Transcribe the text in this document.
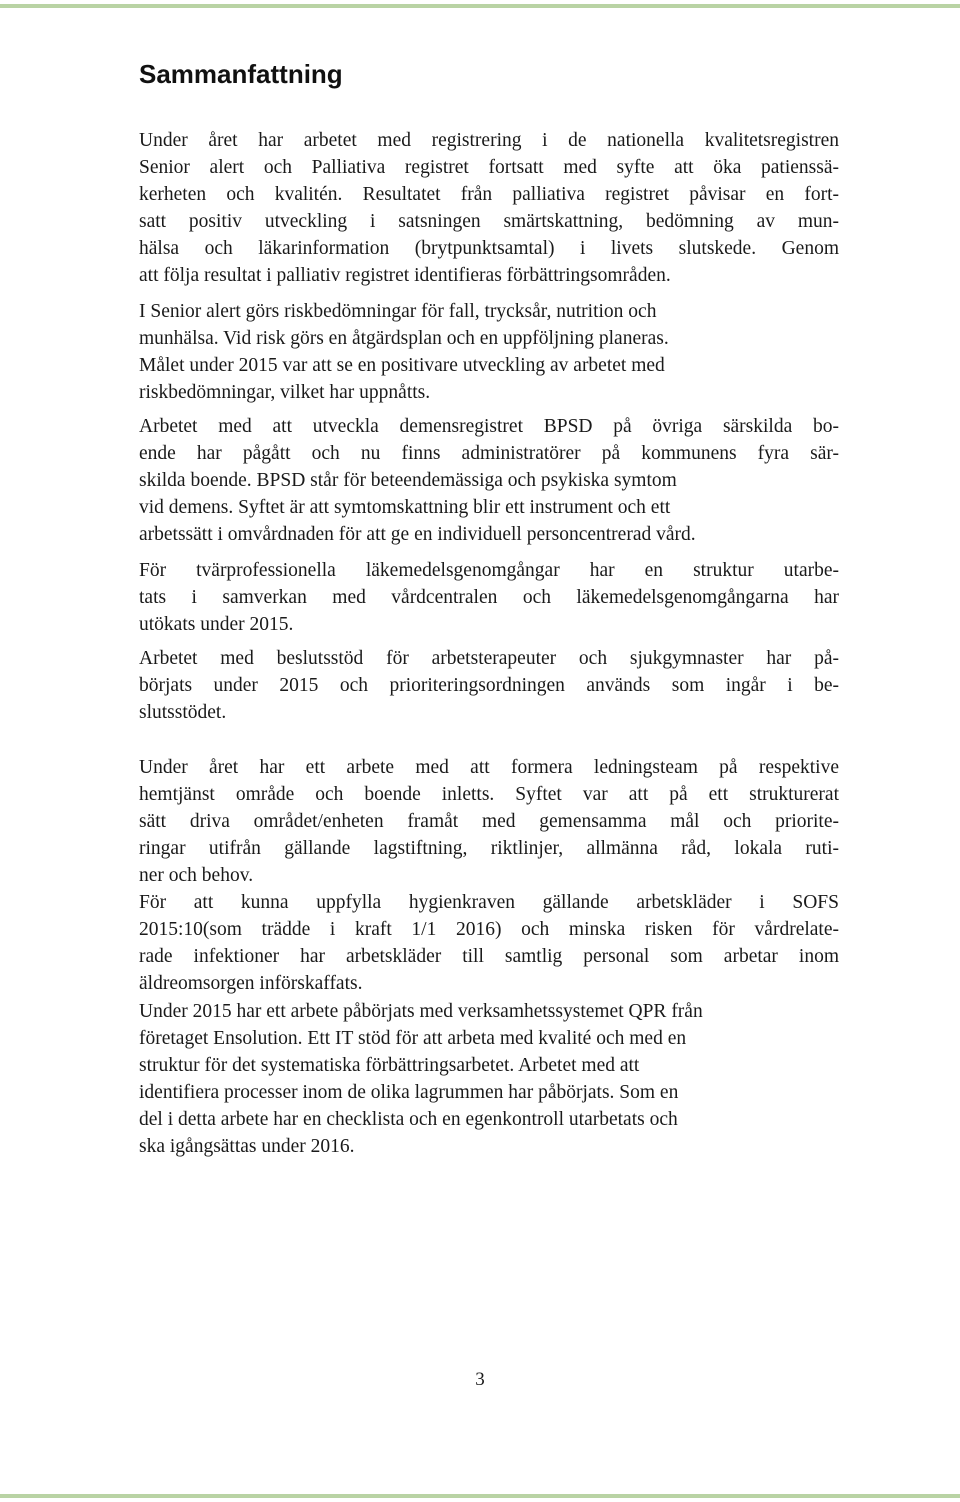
Sammanfattning
Under året har arbetet med registrering i de nationella kvalitetsregistren
Senior alert och Palliativa registret fortsatt med syfte att öka patienssä-
kerheten och kvalitén. Resultatet från palliativa registret påvisar en fort-
satt positiv utveckling i satsningen smärtskattning, bedömning av mun-
hälsa och läkarinformation (brytpunktsamtal) i livets slutskede. Genom
att följa resultat i palliativ registret identifieras förbättringsområden.
I Senior alert görs riskbedömningar för fall, trycksår, nutrition och
munhälsa. Vid risk görs en åtgärdsplan och en uppföljning planeras.
Målet under 2015 var att se en positivare utveckling av arbetet med
riskbedömningar, vilket har uppnåtts.
Arbetet med att utveckla demensregistret BPSD på övriga särskilda bo-
ende har pågått och nu finns administratörer på kommunens fyra sär-
skilda boende. BPSD står för beteendemässiga och psykiska symtom
vid demens. Syftet är att symtomskattning blir ett instrument och ett
arbetssätt i omvårdnaden för att ge en individuell personcentrerad vård.
För tvärprofessionella läkemedelsgenomgångar har en struktur utarbe-
tats i samverkan med vårdcentralen och läkemedelsgenomgångarna har
utökats under 2015.
Arbetet med beslutsstöd för arbetsterapeuter och sjukgymnaster har på-
börjats under 2015 och prioriteringsordningen används som ingår i be-
slutsstödet.
Under året har ett arbete med att formera ledningsteam på respektive
hemtjänst område och boende inletts. Syftet var att på ett strukturerat
sätt driva området/enheten framåt med gemensamma mål och priorite-
ringar utifrån gällande lagstiftning, riktlinjer, allmänna råd, lokala ruti-
ner och behov.
För att kunna uppfylla hygienkraven gällande arbetskläder i SOFS
2015:10(som trädde i kraft 1/1 2016) och minska risken för vårdrelate-
rade infektioner har arbetskläder till samtlig personal som arbetar inom
äldreomsorgen införskaffats.
Under 2015 har ett arbete påbörjats med verksamhetssystemet QPR från
företaget Ensolution. Ett IT stöd för att arbeta med kvalité och med en
struktur för det systematiska förbättringsarbetet. Arbetet med att
identifiera processer inom de olika lagrummen har påbörjats. Som en
del i detta arbete har en checklista och en egenkontroll utarbetats och
ska igångsättas under 2016.
3
